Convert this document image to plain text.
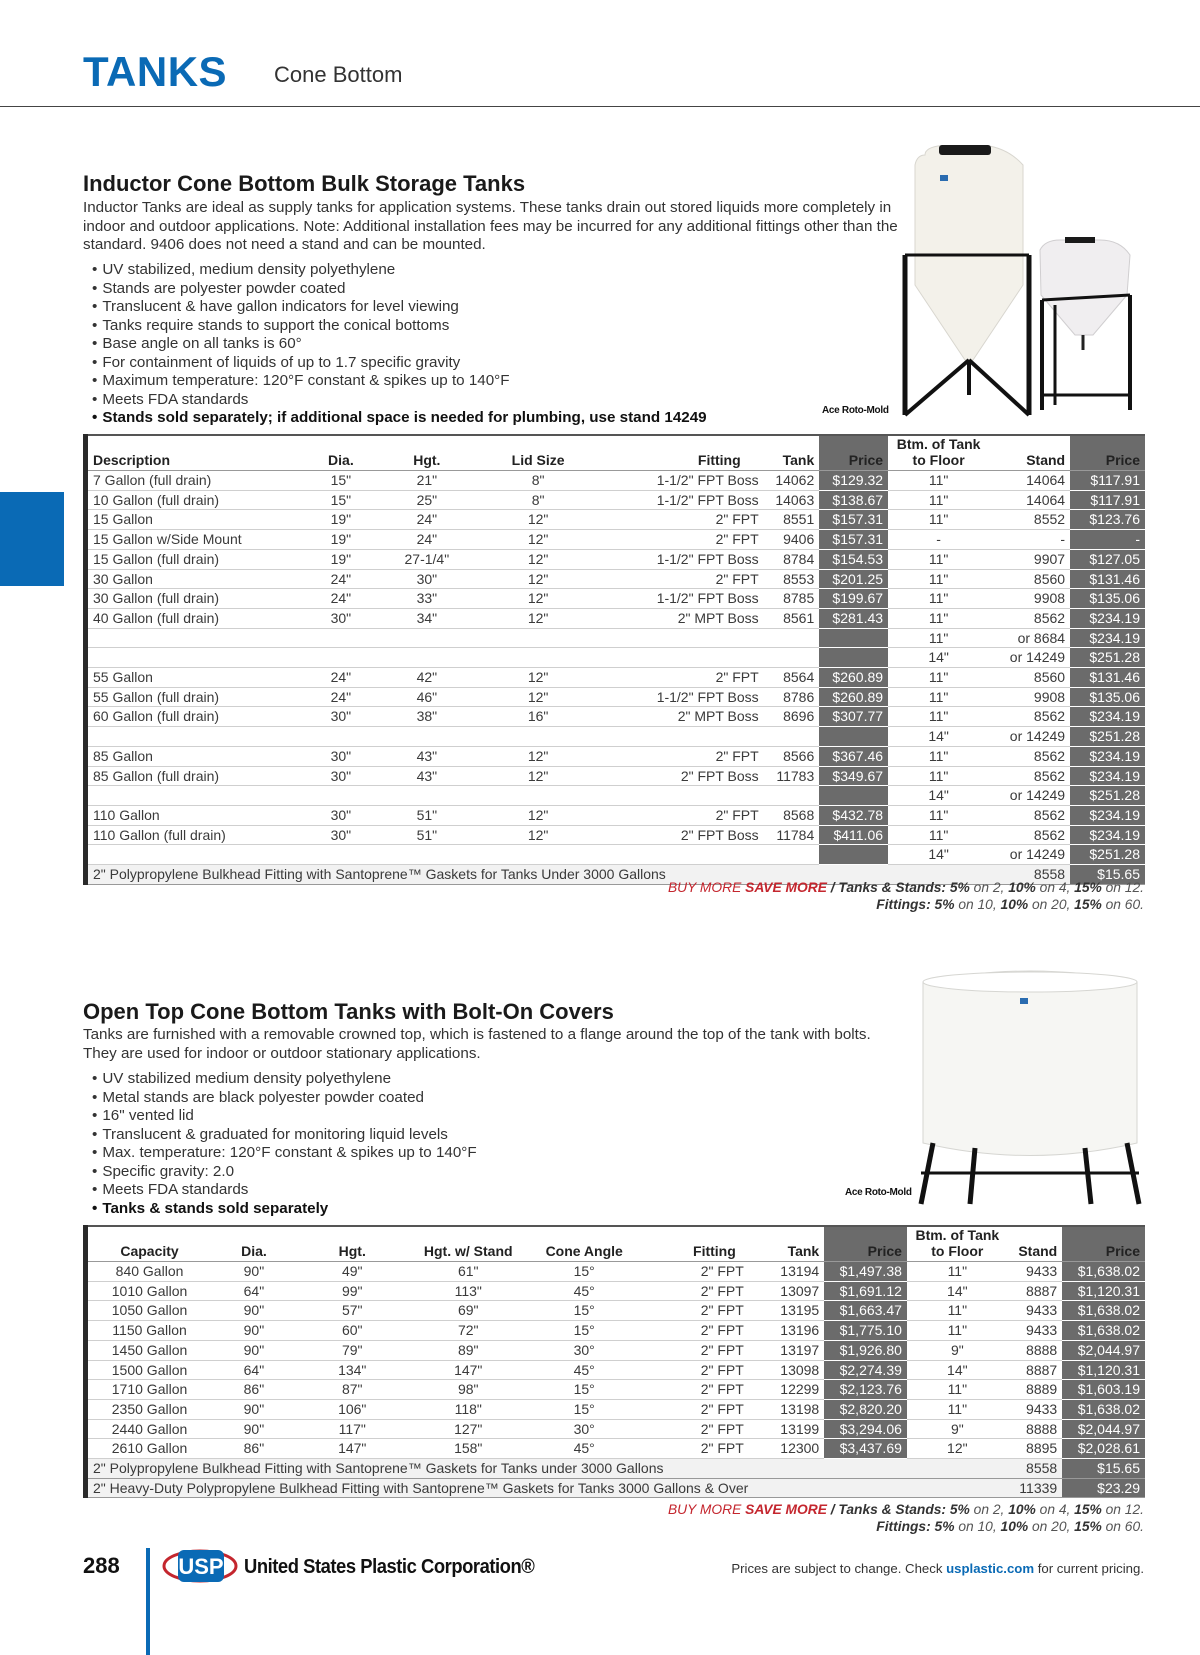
TANKS Cone Bottom
Inductor Cone Bottom Bulk Storage Tanks
Inductor Tanks are ideal as supply tanks for application systems. These tanks drain out stored liquids more completely in indoor and outdoor applications. Note: Additional installation fees may be incurred for any additional fittings other than the standard. 9406 does not need a stand and can be mounted.
• UV stabilized, medium density polyethylene
• Stands are polyester powder coated
• Translucent & have gallon indicators for level viewing
• Tanks require stands to support the conical bottoms
• Base angle on all tanks is 60°
• For containment of liquids of up to 1.7 specific gravity
• Maximum temperature: 120°F constant & spikes up to 140°F
• Meets FDA standards
• Stands sold separately; if additional space is needed for plumbing, use stand 14249	Ace Roto-Mold
Description	Dia.	Hgt.	Lid Size	Fitting	Tank	Price	Btm. of Tank
to Floor	Stand	Price
7 Gallon (full drain)	15"	21"	8"	1-1/2" FPT Boss	14062	$129.32	11"	14064	$117.91
10 Gallon (full drain)	15"	25"	8"	1-1/2" FPT Boss	14063	$138.67	11"	14064	$117.91
15 Gallon	19"	24"	12"	2" FPT	8551	$157.31	11"	8552	$123.76
15 Gallon w/Side Mount	19"	24"	12"	2" FPT	9406	$157.31	-	-	-
15 Gallon (full drain)	19"	27-1/4"	12"	1-1/2" FPT Boss	8784	$154.53	11"	9907	$127.05
30 Gallon	24"	30"	12"	2" FPT	8553	$201.25	11"	8560	$131.46
30 Gallon (full drain)	24"	33"	12"	1-1/2" FPT Boss	8785	$199.67	11"	9908	$135.06
40 Gallon (full drain)	30"	34"	12"	2" MPT Boss	8561	$281.43	11"	8562	$234.19
							11"	or 8684	$234.19
							14"	or 14249	$251.28
55 Gallon	24"	42"	12"	2" FPT	8564	$260.89	11"	8560	$131.46
55 Gallon (full drain)	24"	46"	12"	1-1/2" FPT Boss	8786	$260.89	11"	9908	$135.06
60 Gallon (full drain)	30"	38"	16"	2" MPT Boss	8696	$307.77	11"	8562	$234.19
							14"	or 14249	$251.28
85 Gallon	30"	43"	12"	2" FPT	8566	$367.46	11"	8562	$234.19
85 Gallon (full drain)	30"	43"	12"	2" FPT Boss	11783	$349.67	11"	8562	$234.19
							14"	or 14249	$251.28
110 Gallon	30"	51"	12"	2" FPT	8568	$432.78	11"	8562	$234.19
110 Gallon (full drain)	30"	51"	12"	2" FPT Boss	11784	$411.06	11"	8562	$234.19
							14"	or 14249	$251.28
2" Polypropylene Bulkhead Fitting with Santoprene™ Gaskets for Tanks Under 3000 Gallons								8558	$15.65
BUY MORE SAVE MORE / Tanks & Stands: 5% on 2, 10% on 4, 15% on 12.
Fittings: 5% on 10, 10% on 20, 15% on 60.
Open Top Cone Bottom Tanks with Bolt-On Covers
Tanks are furnished with a removable crowned top, which is fastened to a flange around the top of the tank with bolts. They are used for indoor or outdoor stationary applications.
• UV stabilized medium density polyethylene
• Metal stands are black polyester powder coated
• 16" vented lid
• Translucent & graduated for monitoring liquid levels
• Max. temperature: 120°F constant & spikes up to 140°F
• Specific gravity: 2.0
• Meets FDA standards
• Tanks & stands sold separately
Ace Roto-Mold
Capacity	Dia.	Hgt.	Hgt. w/ Stand	Cone Angle	Fitting	Tank	Price	Btm. of Tank
to Floor	Stand	Price
840 Gallon	90"	49"	61"	15°	2" FPT	13194	$1,497.38	11"	9433	$1,638.02
1010 Gallon	64"	99"	113"	45°	2" FPT	13097	$1,691.12	14"	8887	$1,120.31
1050 Gallon	90"	57"	69"	15°	2" FPT	13195	$1,663.47	11"	9433	$1,638.02
1150 Gallon	90"	60"	72"	15°	2" FPT	13196	$1,775.10	11"	9433	$1,638.02
1450 Gallon	90"	79"	89"	30°	2" FPT	13197	$1,926.80	9"	8888	$2,044.97
1500 Gallon	64"	134"	147"	45°	2" FPT	13098	$2,274.39	14"	8887	$1,120.31
1710 Gallon	86"	87"	98"	15°	2" FPT	12299	$2,123.76	11"	8889	$1,603.19
2350 Gallon	90"	106"	118"	15°	2" FPT	13198	$2,820.20	11"	9433	$1,638.02
2440 Gallon	90"	117"	127"	30°	2" FPT	13199	$3,294.06	9"	8888	$2,044.97
2610 Gallon	86"	147"	158"	45°	2" FPT	12300	$3,437.69	12"	8895	$2,028.61
2" Polypropylene Bulkhead Fitting with Santoprene™ Gaskets for Tanks under 3000 Gallons									8558	$15.65
2" Heavy-Duty Polypropylene Bulkhead Fitting with Santoprene™ Gaskets for Tanks 3000 Gallons & Over									11339	$23.29
BUY MORE SAVE MORE / Tanks & Stands: 5% on 2, 10% on 4, 15% on 12.
Fittings: 5% on 10, 10% on 20, 15% on 60.
288	USP United States Plastic Corporation®	Prices are subject to change. Check usplastic.com for current pricing.
